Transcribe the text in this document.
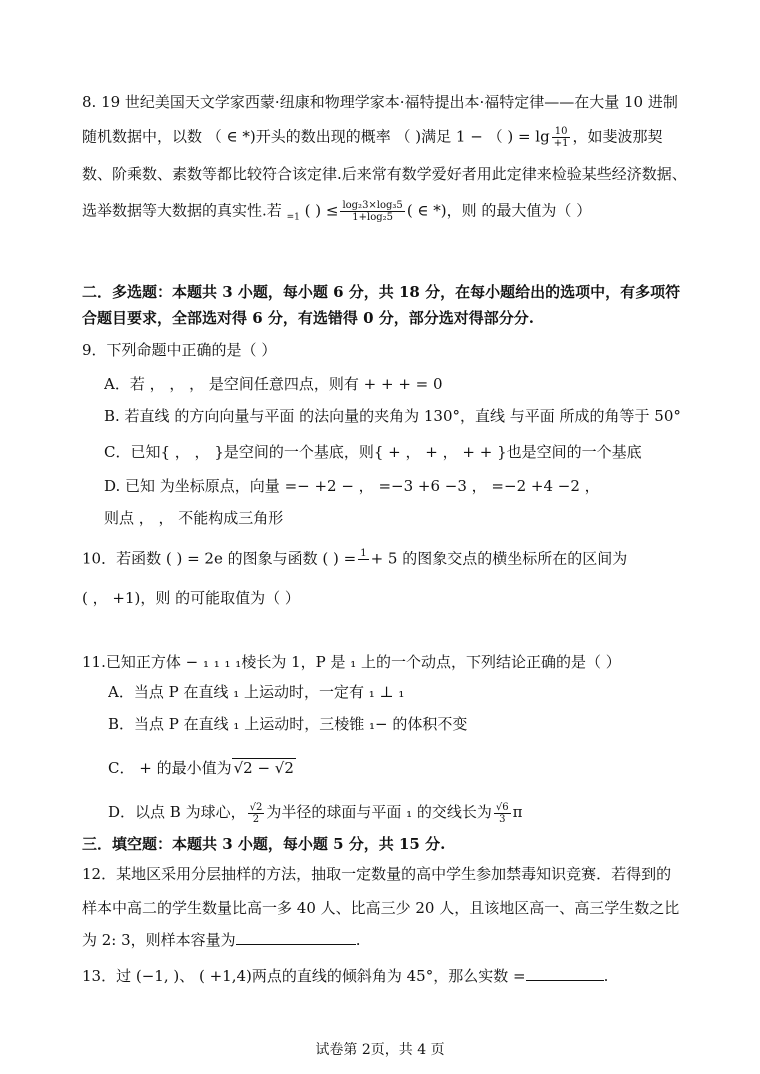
8. 19 世纪美国天文学家西蒙·纽康和物理学家本·福特提出本·福特定律——在大量 10 进制
随机数据中，以数 （ ∈ *)开头的数出现的概率 （ )满足 1 − （ ) = $\lg \frac{10}{+1}$ ，如斐波那契
数、阶乘数、素数等都比较符合该定律.后来常有数学爱好者用此定律来检验某些经济数据、
选举数据等大数据的真实性.若 $_{=1}$ ( ) ≤ $\frac{\text{log₂3×log₃5}}{\text{1+log₂5}}$ ( ∈ *)，则 的最大值为（ ）
二．多选题：本题共 3 小题，每小题 6 分，共 18 分，在每小题给出的选项中，有多项符
合题目要求，全部选对得 6 分，有选错得 0 分，部分选对得部分分.
9．下列命题中正确的是（ ）
A．若 ， ， ， 是空间任意四点，则有 + + + = 0
B. 若直线 的方向向量与平面 的法向量的夹角为 130°，直线 与平面 所成的角等于 50°
C．已知{ ， ， }是空间的一个基底，则{ + ， + ， + + }也是空间的一个基底
D. 已知 为坐标原点，向量 =− +2 − ， =−3 +6 −3 ， =−2 +4 −2 ，
则点 ， ， 不能构成三角形
10．若函数 ( ) = 2e 的图象与函数 ( ) = 1 + 5 的图象交点的横坐标所在的区间为
( ， +1)，则 的可能取值为（ ）
11.已知正方体 − ₁ ₁ ₁ ₁棱长为 1，P 是 ₁ 上的一个动点，下列结论正确的是（ ）
A．当点 P 在直线 ₁ 上运动时，一定有 ₁ ⊥ ₁
B．当点 P 在直线 ₁ 上运动时，三棱锥 ₁− 的体积不变
C． + 的最小值为 √2 − √2
D．以点 B 为球心， $\frac{√2}{2}$ 为半径的球面与平面 ₁ 的交线长为 $\frac{√6}{3}$ π
三．填空题：本题共 3 小题，每小题 5 分，共 15 分.
12．某地区采用分层抽样的方法，抽取一定数量的高中学生参加禁毒知识竞赛．若得到的
样本中高二的学生数量比高一多 40 人、比高三少 20 人，且该地区高一、高三学生数之比
为 2: 3，则样本容量为	.
13．过 (−1, )、 ( +1,4)两点的直线的倾斜角为 45°，那么实数 =	.
试卷第 2页，共 4 页
